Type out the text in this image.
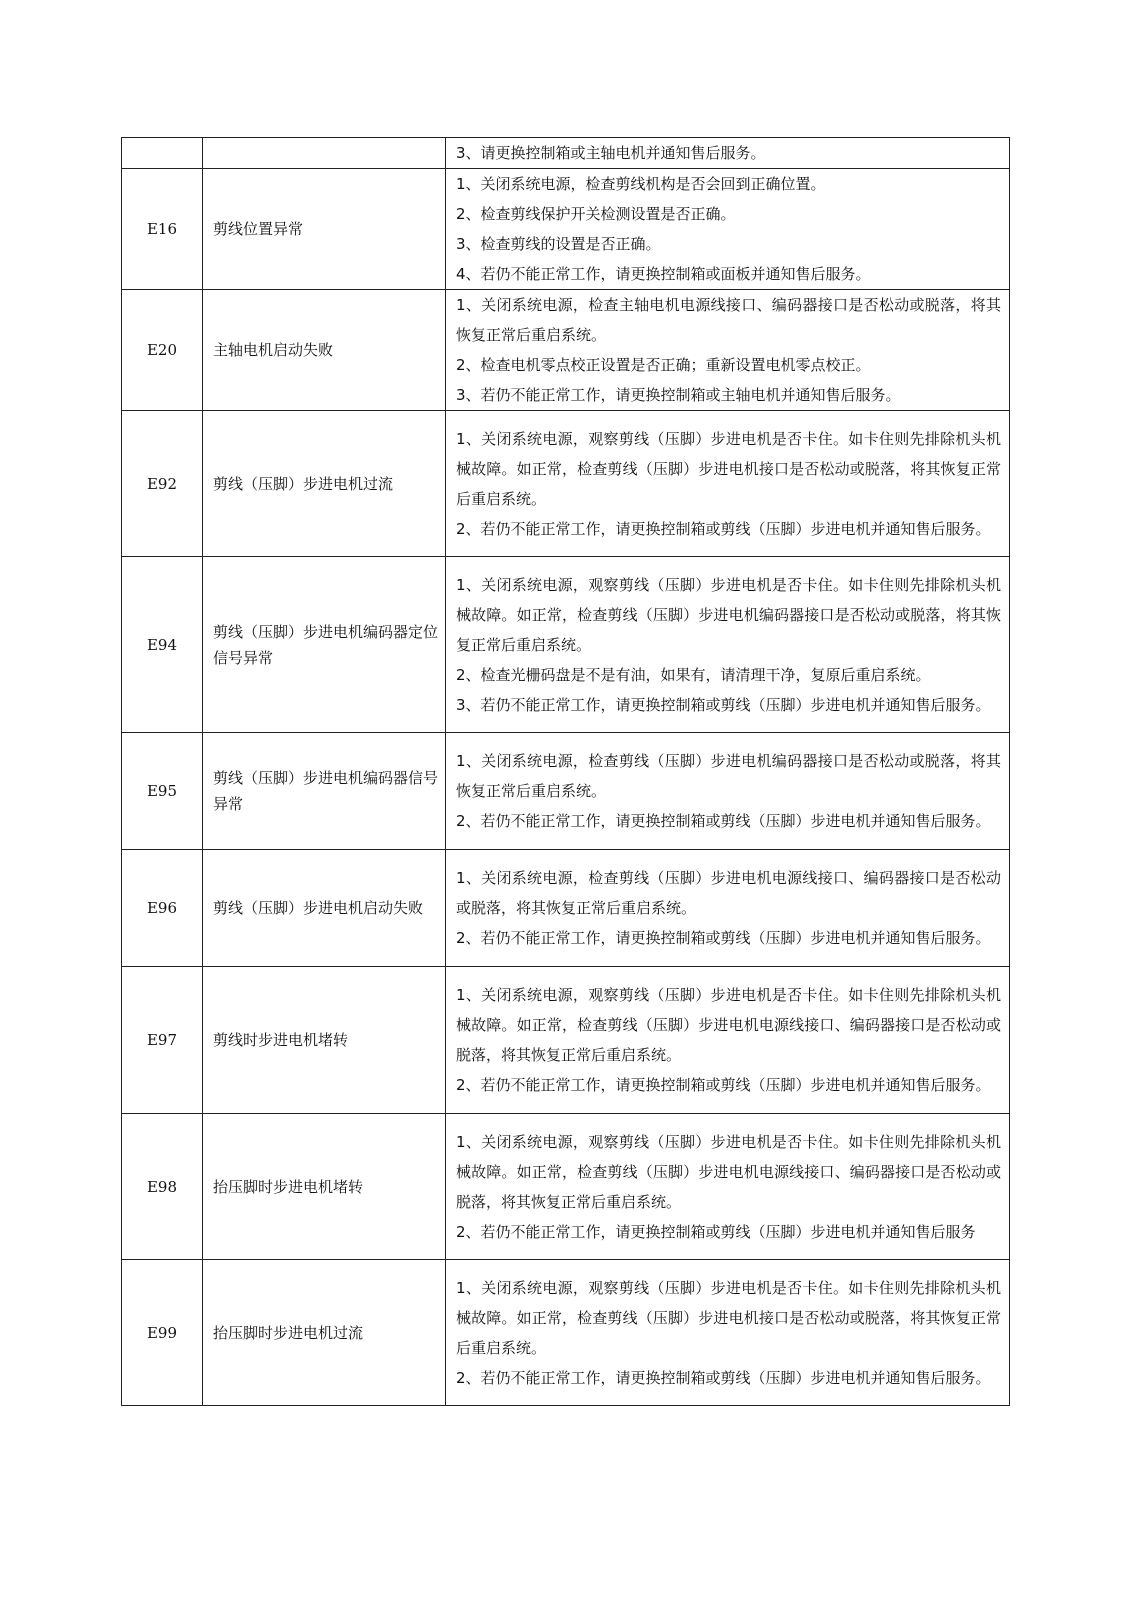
		3、请更换控制箱或主轴电机并通知售后服务。

E16	剪线位置异常	1、关闭系统电源，检查剪线机构是否会回到正确位置。
2、检查剪线保护开关检测设置是否正确。
3、检查剪线的设置是否正确。
4、若仍不能正常工作，请更换控制箱或面板并通知售后服务。

E20	主轴电机启动失败	1、关闭系统电源，检查主轴电机电源线接口、编码器接口是否松动或脱落，将其恢复正常后重启系统。
2、检查电机零点校正设置是否正确；重新设置电机零点校正。
3、若仍不能正常工作，请更换控制箱或主轴电机并通知售后服务。

E92	剪线（压脚）步进电机过流	1、关闭系统电源，观察剪线（压脚）步进电机是否卡住。如卡住则先排除机头机械故障。如正常，检查剪线（压脚）步进电机接口是否松动或脱落，将其恢复正常后重启系统。
2、若仍不能正常工作，请更换控制箱或剪线（压脚）步进电机并通知售后服务。

E94	剪线（压脚）步进电机编码器定位信号异常	1、关闭系统电源，观察剪线（压脚）步进电机是否卡住。如卡住则先排除机头机械故障。如正常，检查剪线（压脚）步进电机编码器接口是否松动或脱落，将其恢复正常后重启系统。
2、检查光栅码盘是不是有油，如果有，请清理干净，复原后重启系统。
3、若仍不能正常工作，请更换控制箱或剪线（压脚）步进电机并通知售后服务。

E95	剪线（压脚）步进电机编码器信号异常	1、关闭系统电源，检查剪线（压脚）步进电机编码器接口是否松动或脱落，将其恢复正常后重启系统。
2、若仍不能正常工作，请更换控制箱或剪线（压脚）步进电机并通知售后服务。

E96	剪线（压脚）步进电机启动失败	1、关闭系统电源，检查剪线（压脚）步进电机电源线接口、编码器接口是否松动或脱落，将其恢复正常后重启系统。
2、若仍不能正常工作，请更换控制箱或剪线（压脚）步进电机并通知售后服务。

E97	剪线时步进电机堵转	1、关闭系统电源，观察剪线（压脚）步进电机是否卡住。如卡住则先排除机头机械故障。如正常，检查剪线（压脚）步进电机电源线接口、编码器接口是否松动或脱落，将其恢复正常后重启系统。
2、若仍不能正常工作，请更换控制箱或剪线（压脚）步进电机并通知售后服务。

E98	抬压脚时步进电机堵转	1、关闭系统电源，观察剪线（压脚）步进电机是否卡住。如卡住则先排除机头机械故障。如正常，检查剪线（压脚）步进电机电源线接口、编码器接口是否松动或脱落，将其恢复正常后重启系统。
2、若仍不能正常工作，请更换控制箱或剪线（压脚）步进电机并通知售后服务

E99	抬压脚时步进电机过流	1、关闭系统电源，观察剪线（压脚）步进电机是否卡住。如卡住则先排除机头机械故障。如正常，检查剪线（压脚）步进电机接口是否松动或脱落，将其恢复正常后重启系统。
2、若仍不能正常工作，请更换控制箱或剪线（压脚）步进电机并通知售后服务。
